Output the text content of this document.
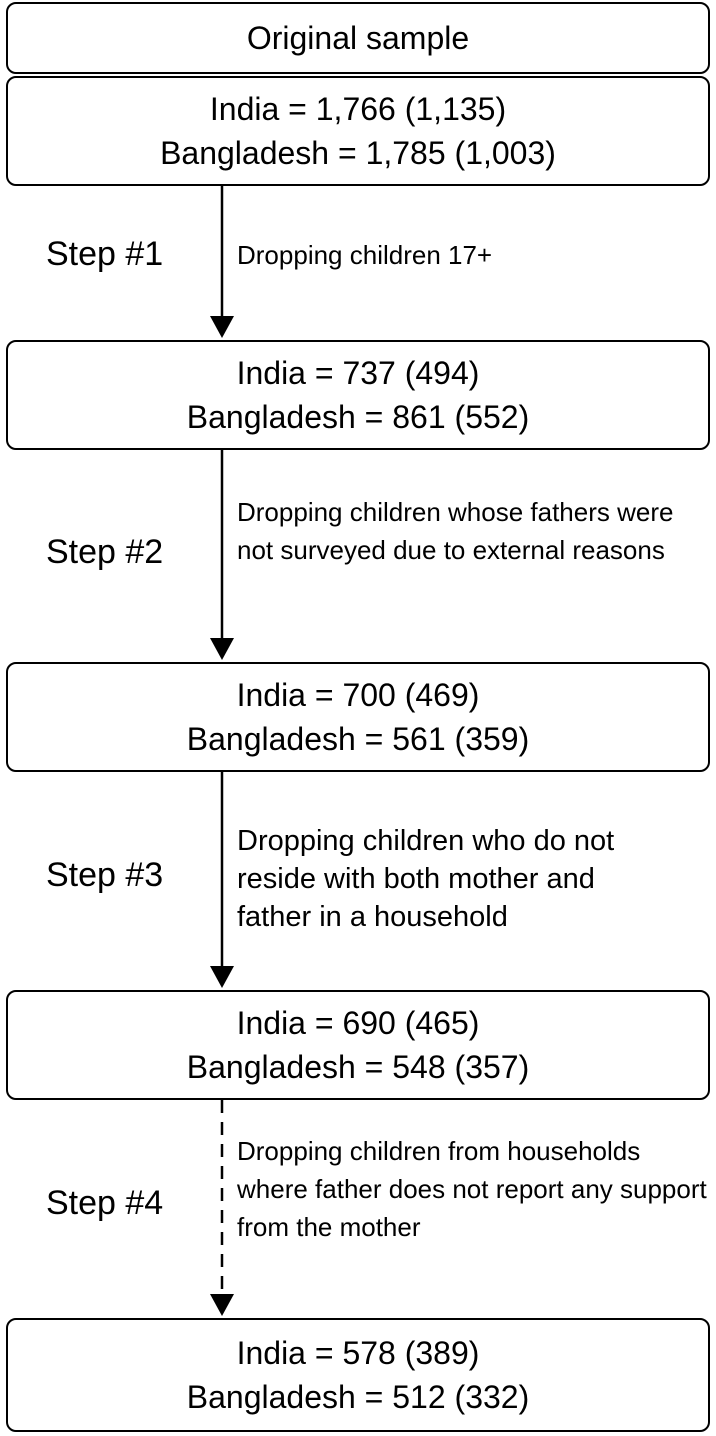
Original sample
India = 1,766 (1,135)
Bangladesh = 1,785 (1,003)
Step #1	Dropping children 17+
India = 737 (494)
Bangladesh = 861 (552)
Step #2
Dropping children whose fathers were not surveyed due to external reasons
India = 700 (469)
Bangladesh = 561 (359)
Step #3
Dropping children who do not reside with both mother and father in a household
India = 690 (465)
Bangladesh = 548 (357)
Step #4
Dropping children from households where father does not report any support from the mother
India = 578 (389)
Bangladesh = 512 (332)
